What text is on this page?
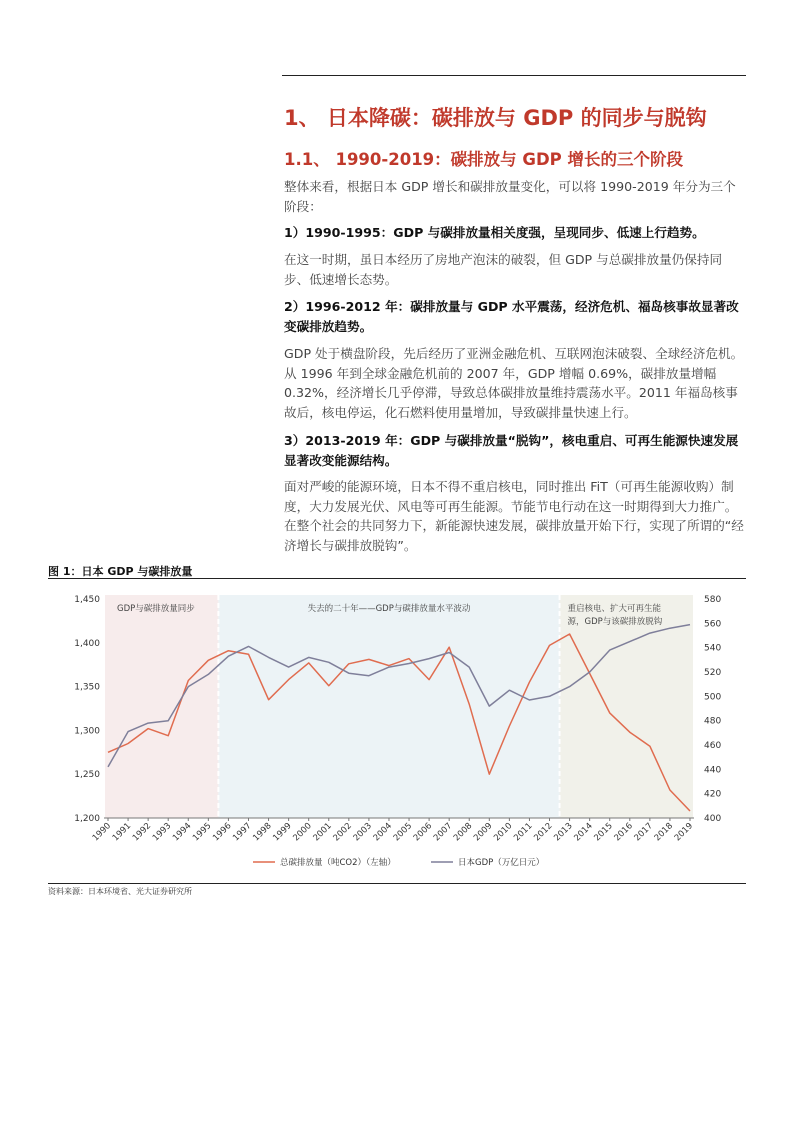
1、 日本降碳：碳排放与 GDP 的同步与脱钩
1.1、 1990-2019：碳排放与 GDP 增长的三个阶段

整体来看，根据日本 GDP 增长和碳排放量变化，可以将 1990-2019 年分为三个阶段：

1）1990-1995：GDP 与碳排放量相关度强，呈现同步、低速上行趋势。

在这一时期，虽日本经历了房地产泡沫的破裂，但 GDP 与总碳排放量仍保持同步、低速增长态势。

2）1996-2012 年：碳排放量与 GDP 水平震荡，经济危机、福岛核事故显著改变碳排放趋势。

GDP 处于横盘阶段，先后经历了亚洲金融危机、互联网泡沫破裂、全球经济危机。从 1996 年到全球金融危机前的 2007 年，GDP 增幅 0.69%，碳排放量增幅 0.32%，经济增长几乎停滞，导致总体碳排放量维持震荡水平。2011 年福岛核事故后，核电停运，化石燃料使用量增加，导致碳排量快速上行。

3）2013-2019 年：GDP 与碳排放量“脱钩”，核电重启、可再生能源快速发展显著改变能源结构。

面对严峻的能源环境，日本不得不重启核电，同时推出 FiT（可再生能源收购）制度，大力发展光伏、风电等可再生能源。节能节电行动在这一时期得到大力推广。在整个社会的共同努力下，新能源快速发展，碳排放量开始下行，实现了所谓的“经济增长与碳排放脱钩”。

图 1：日本 GDP 与碳排放量
1,200
1,250
1,300
1,350
1,400
1,450
400
420
440
460
480
500
520
540
560
580
1990
1991
1992
1993
1994
1995
1996
1997
1998
1999
2000
2001
2002
2003
2004
2005
2006
2007
2008
2009
2010
2011
2012
2013
2014
2015
2016
2017
2018
2019
GDP与碳排放量同步	失去的二十年——GDP与碳排放量水平波动	重启核电、扩大可再生能
源，GDP与该碳排放脱钩
总碳排放量（吨CO2）（左轴）	日本GDP（万亿日元）
资料来源：日本环境省、光大证券研究所
